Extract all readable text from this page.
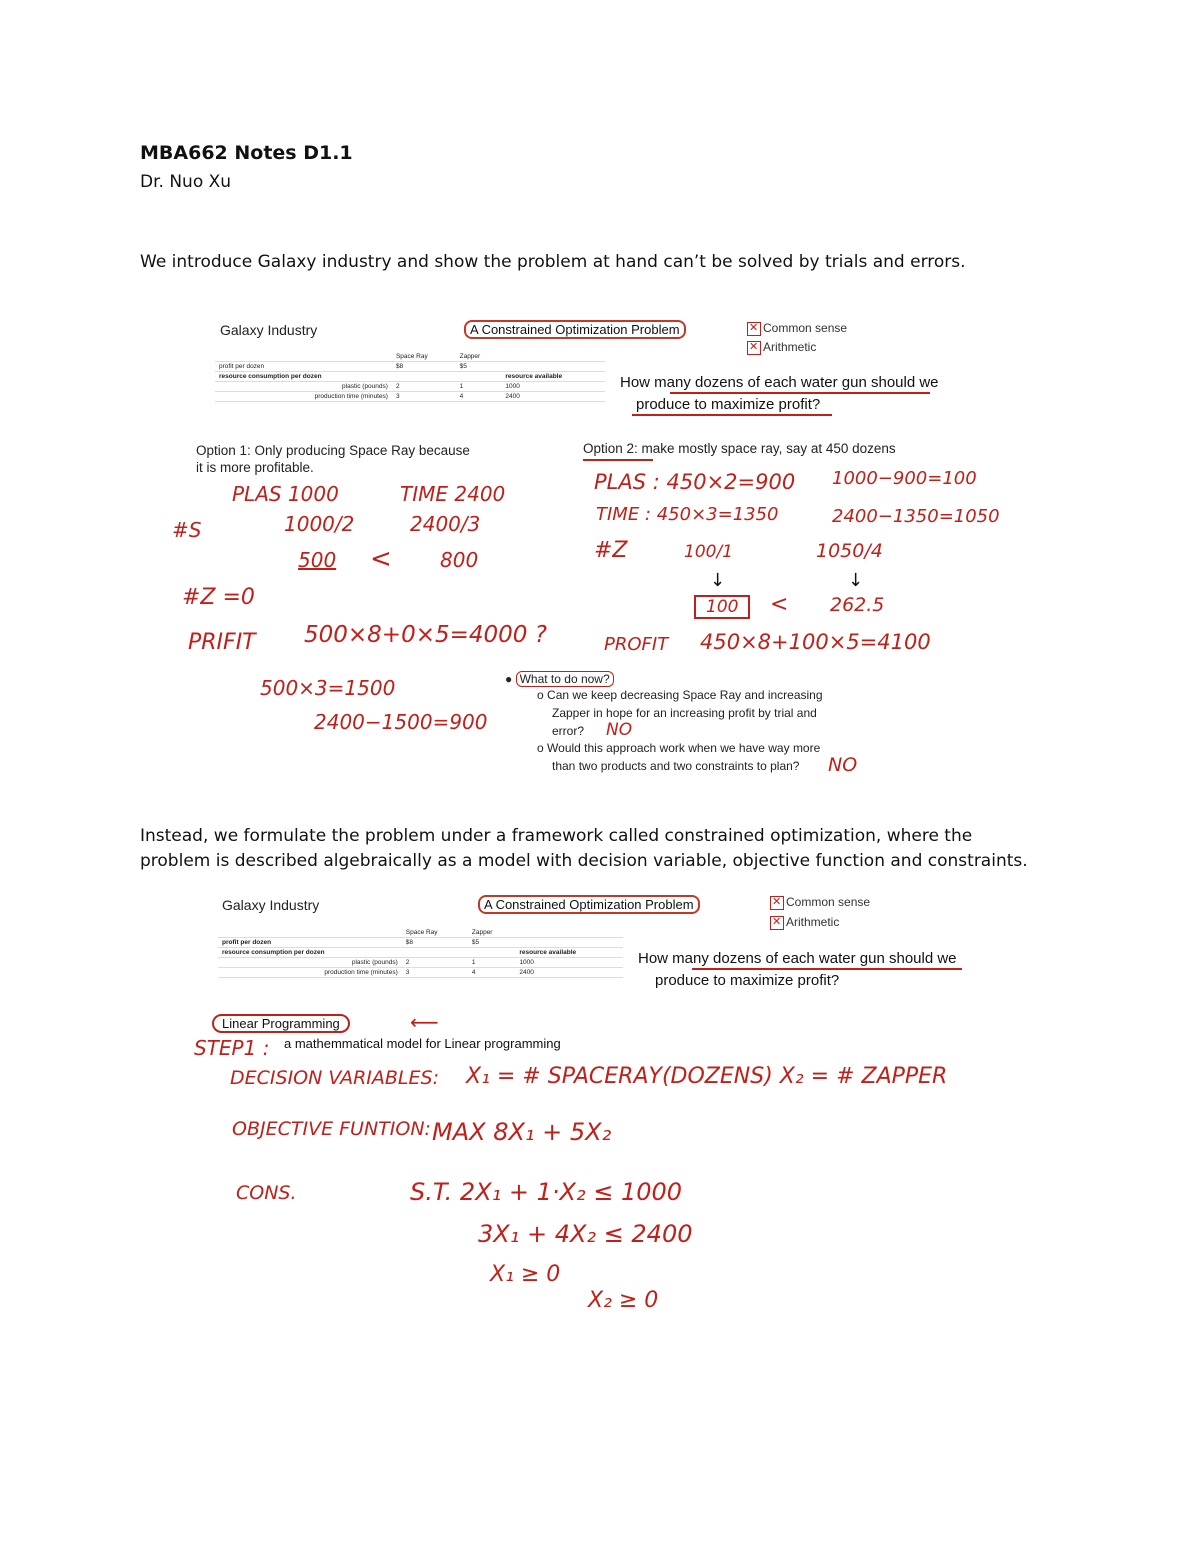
MBA662 Notes D1.1
Dr. Nuo Xu
We introduce Galaxy industry and show the problem at hand can’t be solved by trials and errors.
Galaxy Industry	A Constrained Optimization Problem ✕	Common sense
✕Arithmetic
How many dozens of each water gun should we
produce to maximize profit?
	Space Ray	Zapper	
profit per dozen	$8	$5	
resource consumption per dozen			resource available
plastic (pounds)	2	1	1000
production time (minutes)	3	4	2400
Option 1: Only producing Space Ray because
it is more profitable.
Option 2: make mostly space ray, say at 450 dozens
PLAS 1000	TIME 2400
#S	1000/2	2400/3
500 < 800
#Z =0
PRIFIT 500×8+0×5=4000 ?
500×3=1500
2400−1500=900
PLAS : 450×2=900 1000−900=100
TIME : 450×3=1350	2400−1350=1050
#Z	100/1	1050/4
↓	↓
100	< 262.5
PROFIT 450×8+100×5=4100
● What to do now?
o Can we keep decreasing Space Ray and increasing
Zapper in hope for an increasing profit by trial and
error? NO
o Would this approach work when we have way more
than two products and two constraints to plan? NO
Instead, we formulate the problem under a framework called constrained optimization, where the
problem is described algebraically as a model with decision variable, objective function and constraints.
Galaxy Industry	A Constrained Optimization Problem ✕	Common sense
✕Arithmetic
How many dozens of each water gun should we
produce to maximize profit?
	Space Ray	Zapper	
profit per dozen	$8	$5	
resource consumption per dozen			resource available
plastic (pounds)	2	1	1000
production time (minutes)	3	4	2400
Linear Programming	⟵
STEP1 : a mathemmatical model for Linear programming
DECISION VARIABLES: X₁ = # SPACERAY(DOZENS) X₂ = # ZAPPER
OBJECTIVE FUNTION: MAX 8X₁ + 5X₂
CONS.	S.T. 2X₁ + 1·X₂ ≤ 1000
3X₁ + 4X₂ ≤ 2400
X₁ ≥ 0
X₂ ≥ 0
